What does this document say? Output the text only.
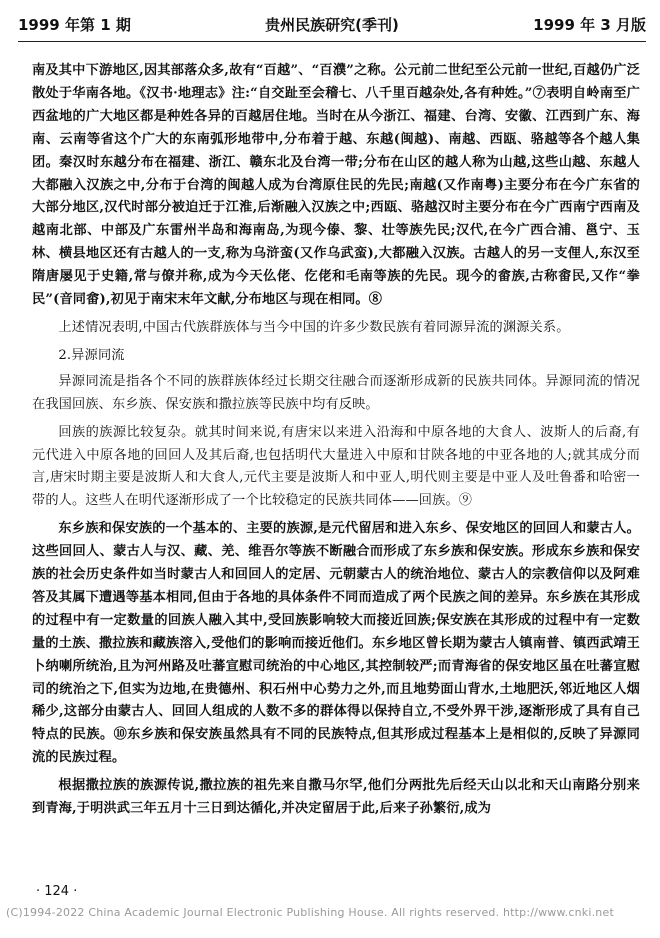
1999 年第 1 期	贵州民族研究(季刊)	1999 年 3 月版

南及其中下游地区,因其部落众多,故有“百越”、“百濮”之称。公元前二世纪至公元前一世纪,百越仍广泛散处于华南各地。《汉书·地理志》注:“自交趾至会稽七、八千里百越杂处,各有种姓。”⑦表明自岭南至广西盆地的广大地区都是种姓各异的百越居住地。当时在从今浙江、福建、台湾、安徽、江西到广东、海南、云南等省这个广大的东南弧形地带中,分布着于越、东越(闽越)、南越、西瓯、骆越等各个越人集团。秦汉时东越分布在福建、浙江、赣东北及台湾一带;分布在山区的越人称为山越,这些山越、东越人大都融入汉族之中,分布于台湾的闽越人成为台湾原住民的先民;南越(又作南粤)主要分布在今广东省的大部分地区,汉代时部分被迫迁于江淮,后渐融入汉族之中;西瓯、骆越汉时主要分布在今广西南宁西南及越南北部、中部及广东雷州半岛和海南岛,为现今傣、黎、壮等族先民;汉代,在今广西合浦、邕宁、玉林、横县地区还有古越人的一支,称为乌浒蛮(又作乌武蛮),大都融入汉族。古越人的另一支俚人,东汉至隋唐屡见于史籍,常与僚并称,成为今天仫佬、仡佬和毛南等族的先民。现今的畲族,古称畬民,又作“拳民”(音同畲),初见于南宋末年文献,分布地区与现在相同。⑧

上述情况表明,中国古代族群族体与当今中国的许多少数民族有着同源异流的渊源关系。

2.异源同流

异源同流是指各个不同的族群族体经过长期交往融合而逐渐形成新的民族共同体。异源同流的情况在我国回族、东乡族、保安族和撒拉族等民族中均有反映。

回族的族源比较复杂。就其时间来说,有唐宋以来进入沿海和中原各地的大食人、波斯人的后裔,有元代进入中原各地的回回人及其后裔,也包括明代大量进入中原和甘陕各地的中亚各地的人;就其成分而言,唐宋时期主要是波斯人和大食人,元代主要是波斯人和中亚人,明代则主要是中亚人及吐鲁番和哈密一带的人。这些人在明代逐渐形成了一个比较稳定的民族共同体——回族。⑨

东乡族和保安族的一个基本的、主要的族源,是元代留居和进入东乡、保安地区的回回人和蒙古人。这些回回人、蒙古人与汉、藏、羌、维吾尔等族不断融合而形成了东乡族和保安族。形成东乡族和保安族的社会历史条件如当时蒙古人和回回人的定居、元朝蒙古人的统治地位、蒙古人的宗教信仰以及阿难答及其属下遭遇等基本相同,但由于各地的具体条件不同而造成了两个民族之间的差异。东乡族在其形成的过程中有一定数量的回族人融入其中,受回族影响较大而接近回族;保安族在其形成的过程中有一定数量的土族、撒拉族和藏族溶入,受他们的影响而接近他们。东乡地区曾长期为蒙古人镇南普、镇西武靖王卜纳喇所统治,且为河州路及吐蕃宣慰司统治的中心地区,其控制较严;而青海省的保安地区虽在吐蕃宣慰司的统治之下,但实为边地,在贵德州、积石州中心势力之外,而且地势面山背水,土地肥沃,邻近地区人烟稀少,这部分由蒙古人、回回人组成的人数不多的群体得以保持自立,不受外界干涉,逐渐形成了具有自己特点的民族。⑩东乡族和保安族虽然具有不同的民族特点,但其形成过程基本上是相似的,反映了异源同流的民族过程。

根据撒拉族的族源传说,撒拉族的祖先来自撒马尔罕,他们分两批先后经天山以北和天山南路分别来到青海,于明洪武三年五月十三日到达循化,并决定留居于此,后来子孙繁衍,成为

· 124 ·
(C)1994-2022 China Academic Journal Electronic Publishing House. All rights reserved. http://www.cnki.net
